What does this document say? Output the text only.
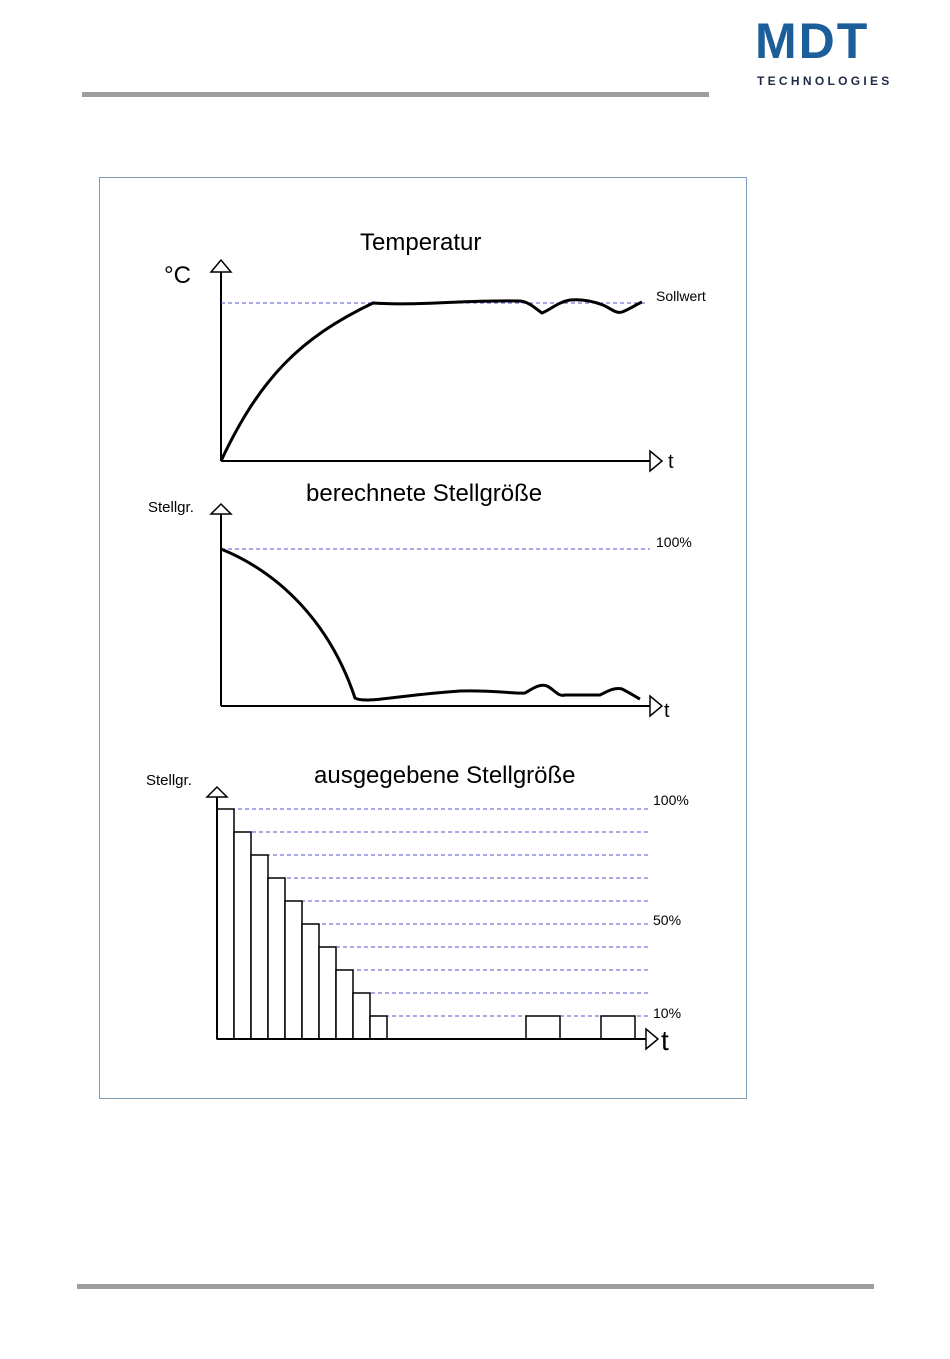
MDT
TECHNOLOGIES
Temperatur
°C
t
Sollwert
berechnete Stellgröße
Stellgr.
t
100%
ausgegebene Stellgröße
Stellgr.
t
100%
50%
10%
